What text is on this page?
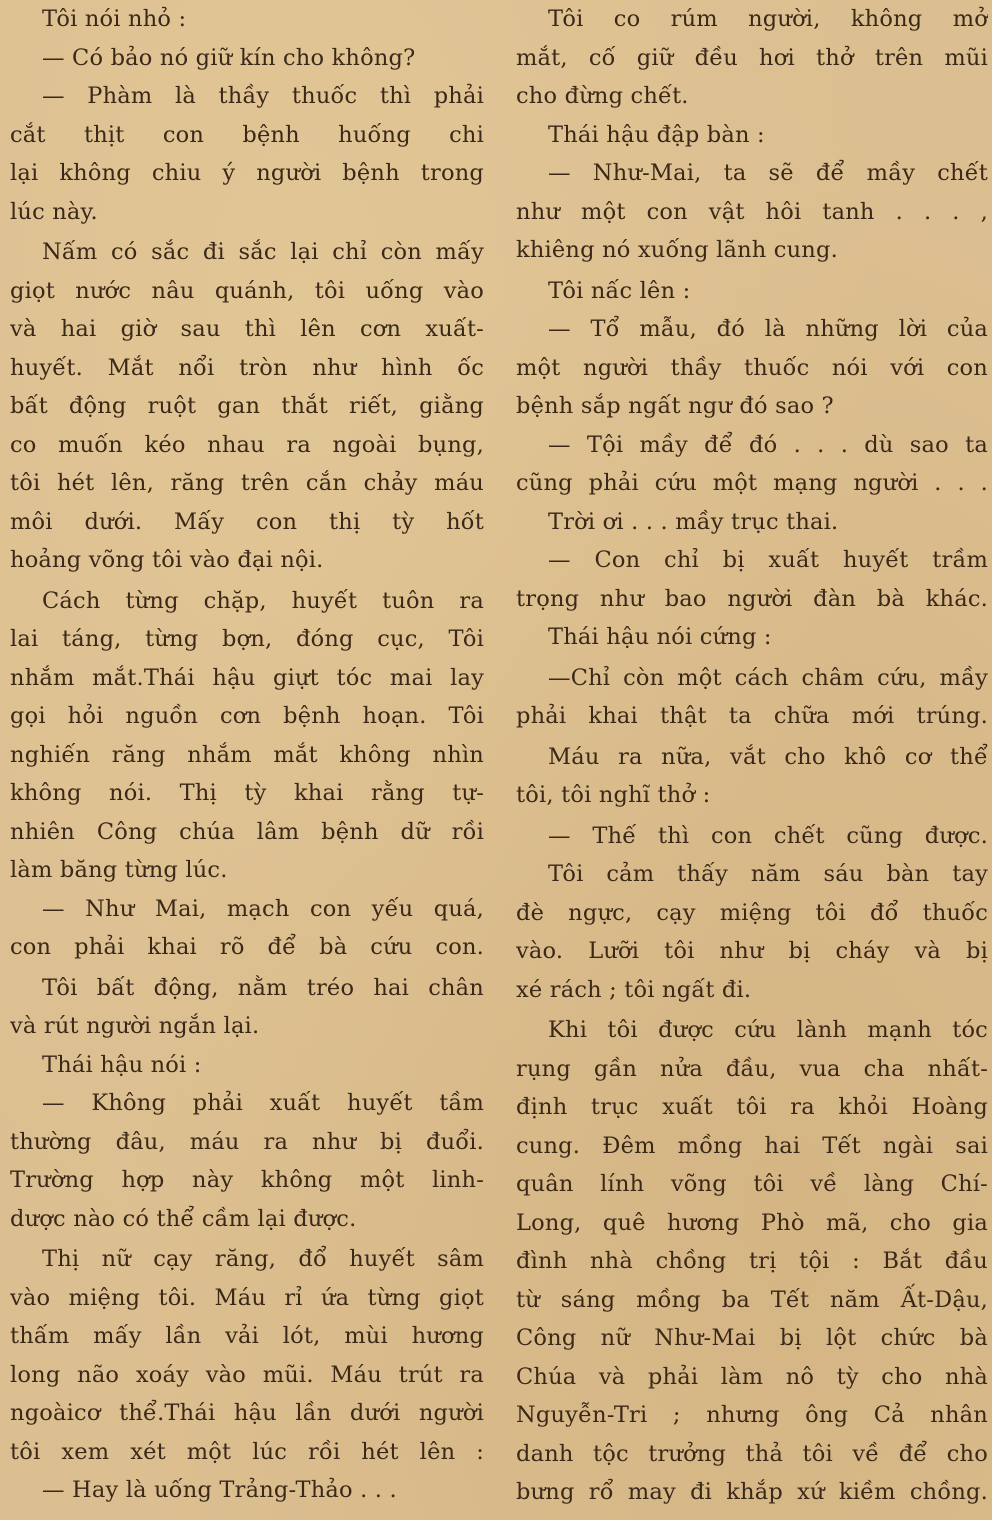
Tôi nói nhỏ :
— Có bảo nó giữ kín cho không?
— Phàm là thầy thuốc thì phải
cắt thịt con bệnh huống chi
lại không chiu ý người bệnh trong
lúc này.
Nấm có sắc đi sắc lại chỉ còn mấy
giọt nước nâu quánh, tôi uống vào
và hai giờ sau thì lên cơn xuất-
huyết. Mắt nổi tròn như hình ốc
bất động ruột gan thắt riết, giằng
co muốn kéo nhau ra ngoài bụng,
tôi hét lên, răng trên cắn chảy máu
môi dưới. Mấy con thị tỳ hốt
hoảng võng tôi vào đại nội.
Cách từng chặp, huyết tuôn ra
lai táng, từng bợn, đóng cục, Tôi
nhắm mắt.Thái hậu giựt tóc mai lay
gọi hỏi nguồn cơn bệnh hoạn. Tôi
nghiến răng nhắm mắt không nhìn
không nói. Thị tỳ khai rằng tự-
nhiên Công chúa lâm bệnh dữ rồi
làm băng từng lúc.
— Như Mai, mạch con yếu quá,
con phải khai rõ để bà cứu con.
Tôi bất động, nằm tréo hai chân
và rút người ngắn lại.
Thái hậu nói :
— Không phải xuất huyết tầm
thường đâu, máu ra như bị đuổi.
Trường hợp này không một linh-
dược nào có thể cầm lại được.
Thị nữ cạy răng, đổ huyết sâm
vào miệng tôi. Máu rỉ ứa từng giọt
thấm mấy lần vải lót, mùi hương
long não xoáy vào mũi. Máu trút ra
ngoàicơ thể.Thái hậu lần dưới người
tôi xem xét một lúc rồi hét lên :
— Hay là uống Trảng-Thảo . . .
Tôi co rúm người, không mở
mắt, cố giữ đều hơi thở trên mũi
cho đừng chết.
Thái hậu đập bàn :
— Như-Mai, ta sẽ để mầy chết
như một con vật hôi tanh . . . ,
khiêng nó xuống lãnh cung.
Tôi nấc lên :
— Tổ mẫu, đó là những lời của
một người thầy thuốc nói với con
bệnh sắp ngất ngư đó sao ?
— Tội mầy để đó . . . dù sao ta
cũng phải cứu một mạng người . . .
Trời ơi . . . mầy trục thai.
— Con chỉ bị xuất huyết trầm
trọng như bao người đàn bà khác.
Thái hậu nói cứng :
—Chỉ còn một cách châm cứu, mầy
phải khai thật ta chữa mới trúng.
Máu ra nữa, vắt cho khô cơ thể
tôi, tôi nghĩ thở :
— Thế thì con chết cũng được.
Tôi cảm thấy năm sáu bàn tay
đè ngực, cạy miệng tôi đổ thuốc
vào. Lưỡi tôi như bị cháy và bị
xé rách ; tôi ngất đi.
Khi tôi được cứu lành mạnh tóc
rụng gần nửa đầu, vua cha nhất-
định trục xuất tôi ra khỏi Hoàng
cung. Đêm mồng hai Tết ngài sai
quân lính võng tôi về làng Chí-
Long, quê hương Phò mã, cho gia
đình nhà chồng trị tội : Bắt đầu
từ sáng mồng ba Tết năm Ất-Dậu,
Công nữ Như-Mai bị lột chức bà
Chúa và phải làm nô tỳ cho nhà
Nguyễn-Tri ; nhưng ông Cả nhân
danh tộc trưởng thả tôi về để cho
bưng rổ may đi khắp xứ kiềm chồng.
